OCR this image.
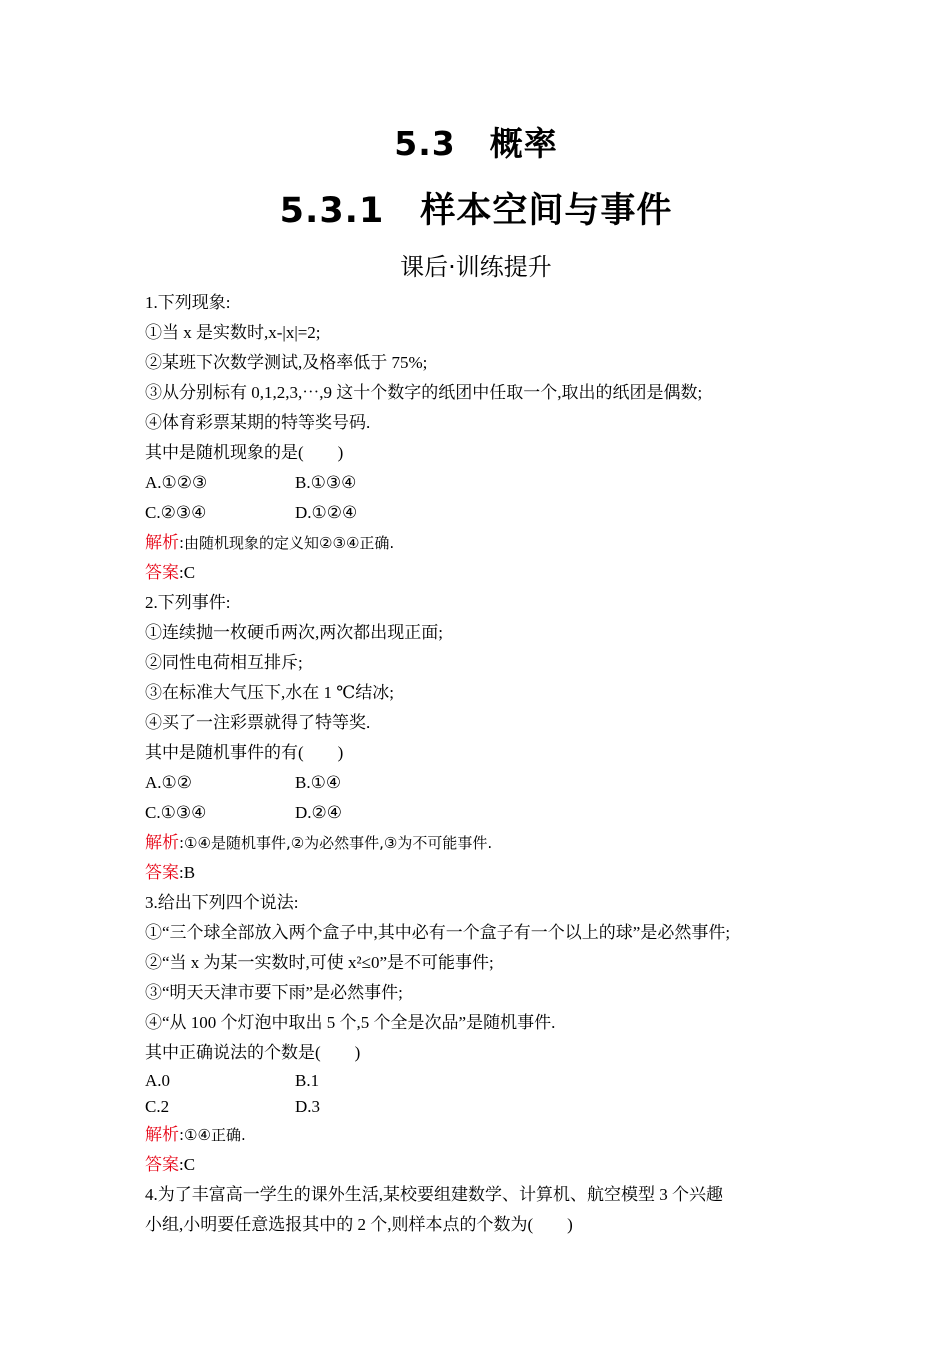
5.3　概率
5.3.1　样本空间与事件
课后·训练提升
1.下列现象:
①当 x 是实数时,x-|x|=2;
②某班下次数学测试,及格率低于 75%;
③从分别标有 0,1,2,3,⋯,9 这十个数字的纸团中任取一个,取出的纸团是偶数;
④体育彩票某期的特等奖号码.
其中是随机现象的是(　　)
A.①②③	B.①③④
C.②③④	D.①②④
解析:由随机现象的定义知②③④正确.
答案:C
2.下列事件:
①连续抛一枚硬币两次,两次都出现正面;
②同性电荷相互排斥;
③在标准大气压下,水在 1 ℃结冰;
④买了一注彩票就得了特等奖.
其中是随机事件的有(　　)
A.①②	B.①④
C.①③④	D.②④
解析:①④是随机事件,②为必然事件,③为不可能事件.
答案:B
3.给出下列四个说法:
①“三个球全部放入两个盒子中,其中必有一个盒子有一个以上的球”是必然事件;
②“当 x 为某一实数时,可使 x²≤0”是不可能事件;
③“明天天津市要下雨”是必然事件;
④“从 100 个灯泡中取出 5 个,5 个全是次品”是随机事件.
其中正确说法的个数是(　　)
A.0	B.1
C.2	D.3
解析:①④正确.
答案:C
4.为了丰富高一学生的课外生活,某校要组建数学、计算机、航空模型 3 个兴趣
小组,小明要任意选报其中的 2 个,则样本点的个数为(　　)
